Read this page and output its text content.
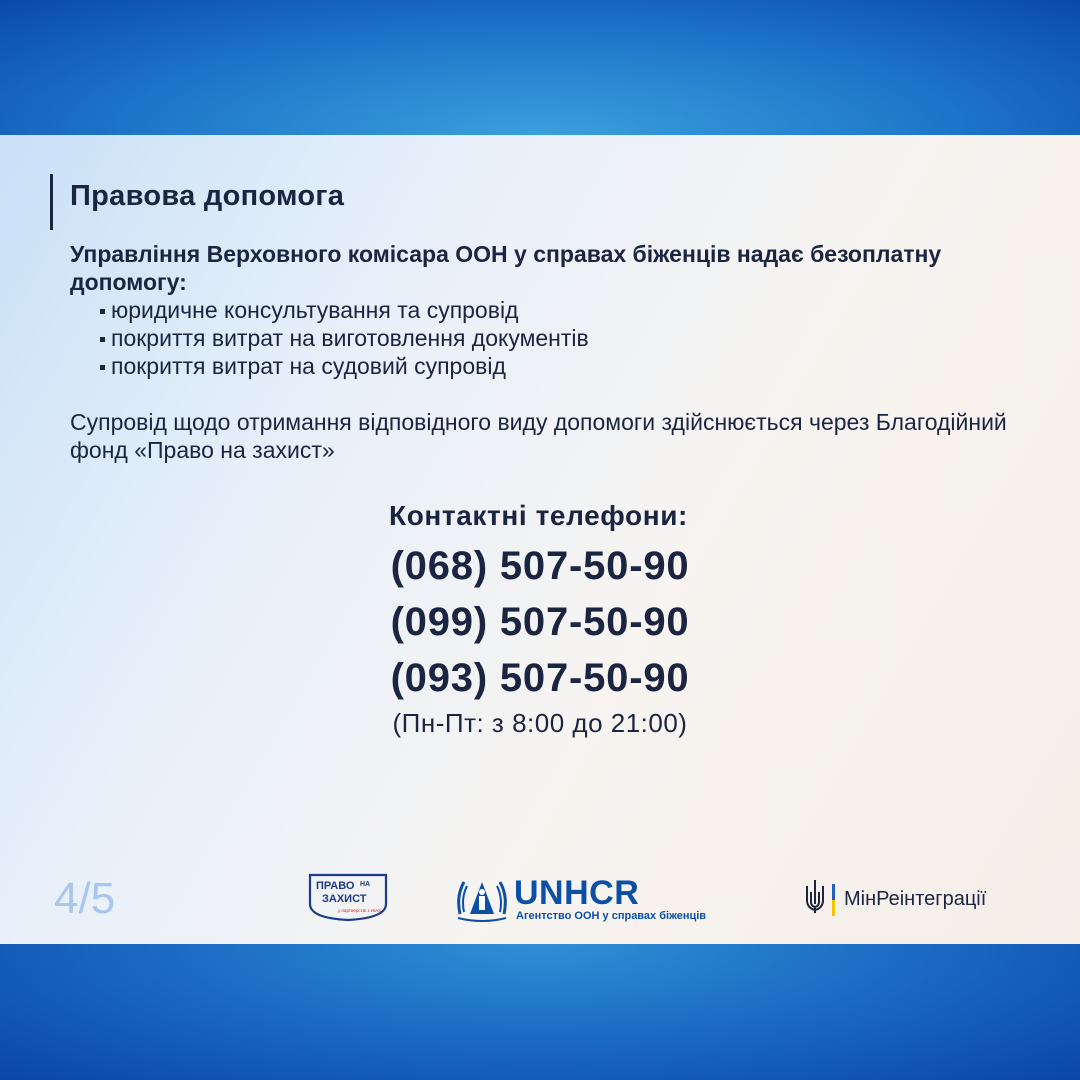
Правова допомога
Управління Верховного комісара ООН у справах біженців надає безоплатну допомогу:
юридичне консультування та супровід
покриття витрат на виготовлення документів
покриття витрат на судовий супровід
Супровід щодо отримання відповідного виду допомоги здійснюється через Благодійний фонд «Право на захист»
Контактні телефони:
(068) 507-50-90
(099) 507-50-90
(093) 507-50-90
(Пн-Пт: з 8:00 до 21:00)
4/5	ПРАВО НА
ЗАХИСТ
у партнерстві з HIAS	UNHCR
Агентство ООН у справах біженців
МінРеінтеграції
